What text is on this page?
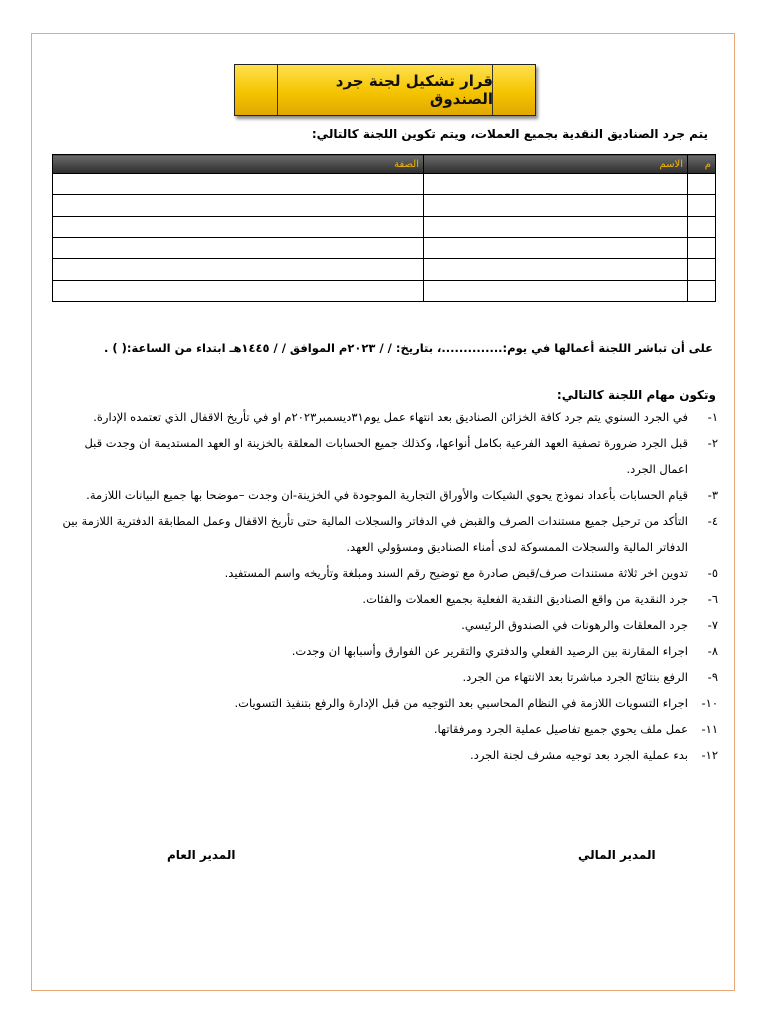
قرار تشكيل لجنة جرد الصندوق
يتم جرد الصناديق النقدية بجميع العملات، ويتم تكوين اللجنة كالتالي:
م	الاسم	الصفة

على أن تباشر اللجنة أعمالها في يوم:..............، بتاريخ: / / ٢٠٢٣م الموافق / / ١٤٤٥هـ ابتداء من الساعة:( ) .
وتكون مهام اللجنة كالتالي:
١-
في الجرد السنوي يتم جرد كافة الخزائن الصناديق بعد انتهاء عمل يوم٣١ديسمبر٢٠٢٣م او في تأريخ الاقفال الذي تعتمده الإدارة.
٢-
قبل الجرد ضرورة تصفية العهد الفرعية بكامل أنواعها، وكذلك جميع الحسابات المعلقة بالخزينة او العهد المستديمة ان وجدت قبل اعمال الجرد.
٣-
قيام الحسابات بأعداد نموذج يحوي الشيكات والأوراق التجارية الموجودة في الخزينة-ان وجدت –موضحا بها جميع البيانات اللازمة.
٤-
التأكد من ترحيل جميع مستندات الصرف والقبض في الدفاتر والسجلات المالية حتى تأريخ الاقفال وعمل المطابقة الدفترية اللازمة بين الدفاتر المالية والسجلات الممسوكة لدى أمناء الصناديق ومسؤولي العهد.
٥-
تدوين اخر ثلاثة مستندات صرف/قبض صادرة مع توضيح رقم السند ومبلغة وتأريخه واسم المستفيد.
٦-
جرد النقدية من واقع الصناديق النقدية الفعلية بجميع العملات والفئات.
٧-
جرد المعلقات والرهونات في الصندوق الرئيسي.
٨-
اجراء المقارنة بين الرصيد الفعلي والدفتري والتقرير عن الفوارق وأسبابها ان وجدت.
٩-
الرفع بنتائج الجرد مباشرتا بعد الانتهاء من الجرد.
١٠-
اجراء التسويات اللازمة في النظام المحاسبي بعد التوجيه من قبل الإدارة والرفع بتنفيذ التسويات.
١١-
عمل ملف يحوي جميع تفاصيل عملية الجرد ومرفقاتها.
١٢-
بدء عملية الجرد بعد توجيه مشرف لجنة الجرد.
المدير المالي
المدير العام
